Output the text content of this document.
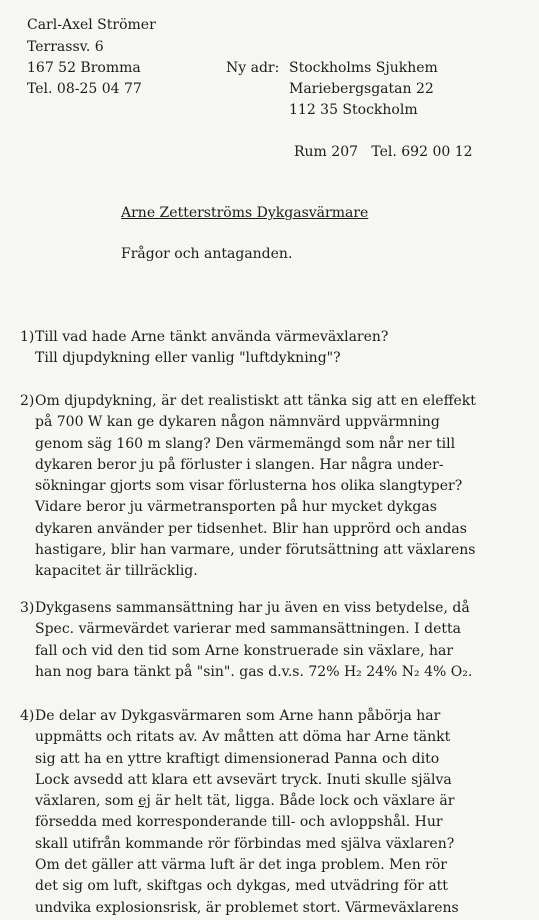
Carl-Axel Strömer
Terrassv. 6
167 52 Bromma
Tel. 08-25 04 77
Ny adr: Stockholms Sjukhem
Mariebergsgatan 22
112 35 Stockholm
Rum 207   Tel. 692 00 12
Arne Zetterströms Dykgasvärmare
Frågor och antaganden.
1) Till vad hade Arne tänkt använda värmeväxlaren?
Till djupdykning eller vanlig "luftdykning"?
2) Om djupdykning, är det realistiskt att tänka sig att en eleffekt
på 700 W kan ge dykaren någon nämnvärd uppvärmning
genom säg 160 m slang? Den värmemängd som når ner till
dykaren beror ju på förluster i slangen. Har några under-
sökningar gjorts som visar förlusterna hos olika slangtyper?
Vidare beror ju värmetransporten på hur mycket dykgas
dykaren använder per tidsenhet. Blir han upprörd och andas
hastigare, blir han varmare, under förutsättning att växlarens
kapacitet är tillräcklig.
3) Dykgasens sammansättning har ju även en viss betydelse, då
Spec. värmevärdet varierar med sammansättningen. I detta
fall och vid den tid som Arne konstruerade sin växlare, har
han nog bara tänkt på "sin". gas d.v.s. 72% H₂ 24% N₂ 4% O₂.
4) De delar av Dykgasvärmaren som Arne hann påbörja har
uppmätts och ritats av. Av måtten att döma har Arne tänkt
sig att ha en yttre kraftigt dimensionerad Panna och dito
Lock avsedd att klara ett avsevärt tryck. Inuti skulle själva
växlaren, som ej är helt tät, ligga. Både lock och växlare är
försedda med korresponderande till- och avloppshål. Hur
skall utifrån kommande rör förbindas med själva växlaren?
Om det gäller att värma luft är det inga problem. Men rör
det sig om luft, skiftgas och dykgas, med utvädring för att
undvika explosionsrisk, är problemet stort. Värmeväxlarens
